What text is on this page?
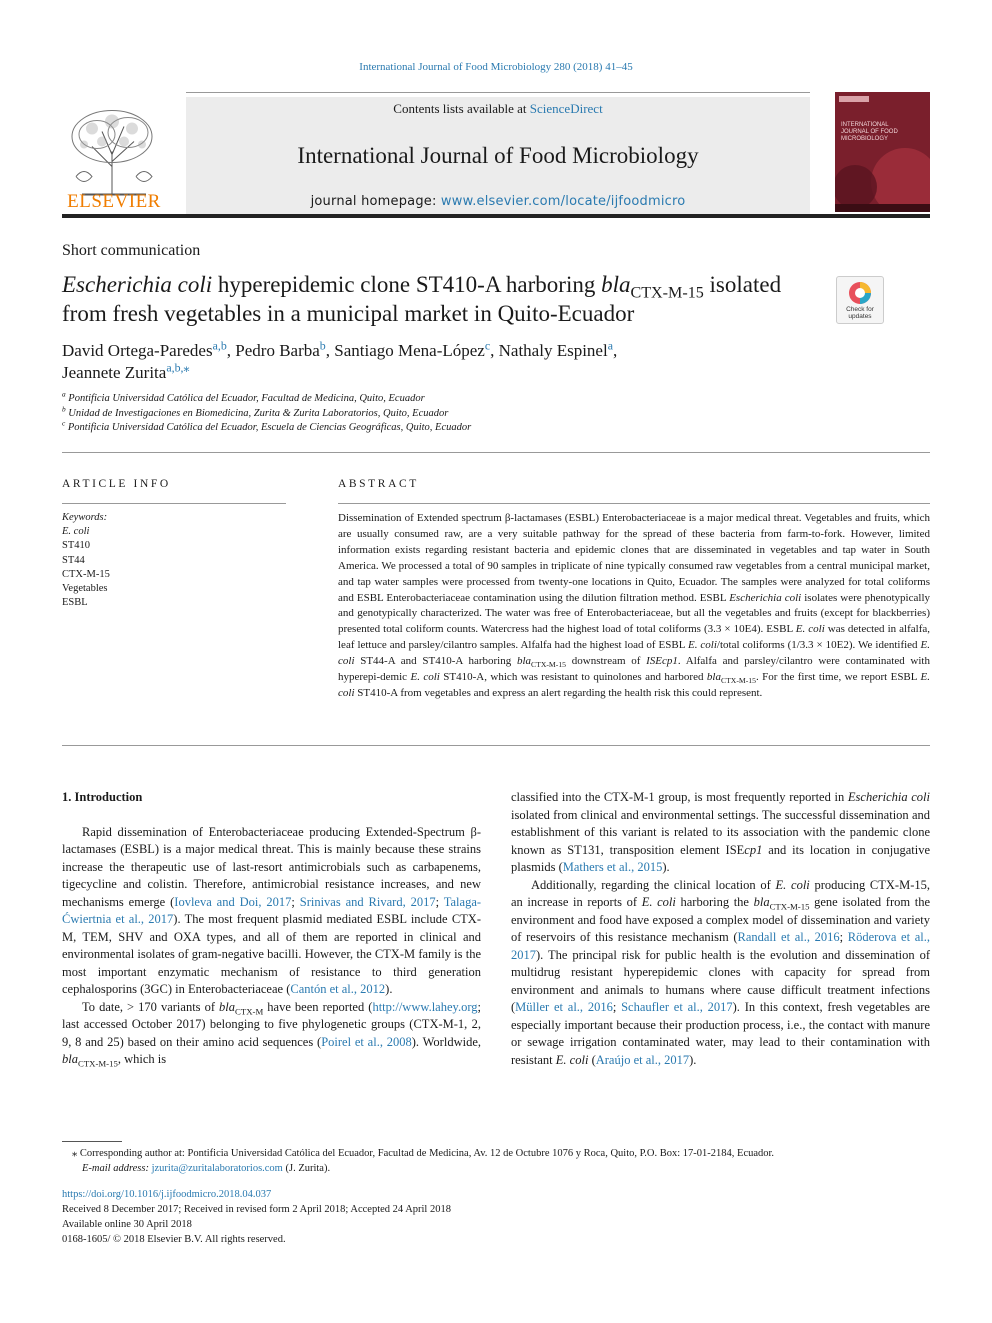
International Journal of Food Microbiology 280 (2018) 41–45
Contents lists available at ScienceDirect
International Journal of Food Microbiology
journal homepage: www.elsevier.com/locate/ijfoodmicro
ELSEVIER
INTERNATIONAL JOURNAL OF FOOD MICROBIOLOGY
Short communication
Escherichia coli hyperepidemic clone ST410-A harboring bla$_{CTX-M-15}$ isolated from fresh vegetables in a municipal market in Quito-Ecuador	Check for updates
David Ortega-Paredes$^{a,b}$, Pedro Barba$^b$, Santiago Mena-López$^c$, Nathaly Espinel$^a$,
Jeannete Zurita$^{a,b,⁎}$
$^a$ Pontificia Universidad Católica del Ecuador, Facultad de Medicina, Quito, Ecuador
$^b$ Unidad de Investigaciones en Biomedicina, Zurita & Zurita Laboratorios, Quito, Ecuador
$^c$ Pontificia Universidad Católica del Ecuador, Escuela de Ciencias Geográficas, Quito, Ecuador
ARTICLE INFO	ABSTRACT
Keywords:
E. coli
ST410
ST44
CTX-M-15
Vegetables
ESBL
Dissemination of Extended spectrum β-lactamases (ESBL) Enterobacteriaceae is a major medical threat. Vegetables and fruits, which are usually consumed raw, are a very suitable pathway for the spread of these bacteria from farm-to-fork. However, limited information exists regarding resistant bacteria and epidemic clones that are disseminated in vegetables and tap water in South America. We processed a total of 90 samples in triplicate of nine typically consumed raw vegetables from a central municipal market, and tap water samples were processed from twenty-one locations in Quito, Ecuador. The samples were analyzed for total coliforms and ESBL Enterobacteriaceae contamination using the dilution filtration method. ESBL Escherichia coli isolates were phenotypically and genotypically characterized. The water was free of Enterobacteriaceae, but all the vegetables and fruits (except for blackberries) presented total coliform counts. Watercress had the highest load of total coliforms (3.3 × 10E4). ESBL E. coli was detected in alfalfa, leaf lettuce and parsley/cilantro samples. Alfalfa had the highest load of ESBL E. coli/total coliforms (1/3.3 × 10E2). We identified E. coli ST44-A and ST410-A harboring bla$_{CTX-M-15}$ downstream of ISEcp1. Alfalfa and parsley/cilantro were contaminated with hyperepi-demic E. coli ST410-A, which was resistant to quinolones and harbored bla$_{CTX-M-15}$. For the first time, we report ESBL E. coli ST410-A from vegetables and express an alert regarding the health risk this could represent.

1. Introduction

Rapid dissemination of Enterobacteriaceae producing Extended-Spectrum β-lactamases (ESBL) is a major medical threat. This is mainly because these strains increase the therapeutic use of last-resort antimicrobials such as carbapenems, tigecycline and colistin. Therefore, antimicrobial resistance increases, and new mechanisms emerge (Iovleva and Doi, 2017; Srinivas and Rivard, 2017; Talaga-Ćwiertnia et al., 2017). The most frequent plasmid mediated ESBL include CTX-M, TEM, SHV and OXA types, and all of them are reported in clinical and environmental isolates of gram-negative bacilli. However, the CTX-M family is the most important enzymatic mechanism of resistance to third generation cephalosporins (3GC) in Enterobacteriaceae (Cantón et al., 2012).

To date, > 170 variants of bla$_{CTX-M}$ have been reported (http://www.lahey.org; last accessed October 2017) belonging to five phylogenetic groups (CTX-M-1, 2, 9, 8 and 25) based on their amino acid sequences (Poirel et al., 2008). Worldwide, bla$_{CTX-M-15}$, which is

classified into the CTX-M-1 group, is most frequently reported in Escherichia coli isolated from clinical and environmental settings. The successful dissemination and establishment of this variant is related to its association with the pandemic clone known as ST131, transposition element ISEcp1 and its location in conjugative plasmids (Mathers et al., 2015).

Additionally, regarding the clinical location of E. coli producing CTX-M-15, an increase in reports of E. coli harboring the bla$_{CTX-M-15}$ gene isolated from the environment and food have exposed a complex model of dissemination and variety of reservoirs of this resistance mechanism (Randall et al., 2016; Röderova et al., 2017). The principal risk for public health is the evolution and dissemination of multidrug resistant hyperepidemic clones with capacity for spread from environment and animals to humans where cause difficult treatment infections (Müller et al., 2016; Schaufler et al., 2017). In this context, fresh vegetables are especially important because their production process, i.e., the contact with manure or sewage irrigation contaminated water, may lead to their contamination with resistant E. coli (Araújo et al., 2017).

⁎ Corresponding author at: Pontificia Universidad Católica del Ecuador, Facultad de Medicina, Av. 12 de Octubre 1076 y Roca, Quito, P.O. Box: 17-01-2184, Ecuador.
E-mail address: jzurita@zuritalaboratorios.com (J. Zurita).
https://doi.org/10.1016/j.ijfoodmicro.2018.04.037
Received 8 December 2017; Received in revised form 2 April 2018; Accepted 24 April 2018
Available online 30 April 2018
0168-1605/ © 2018 Elsevier B.V. All rights reserved.
